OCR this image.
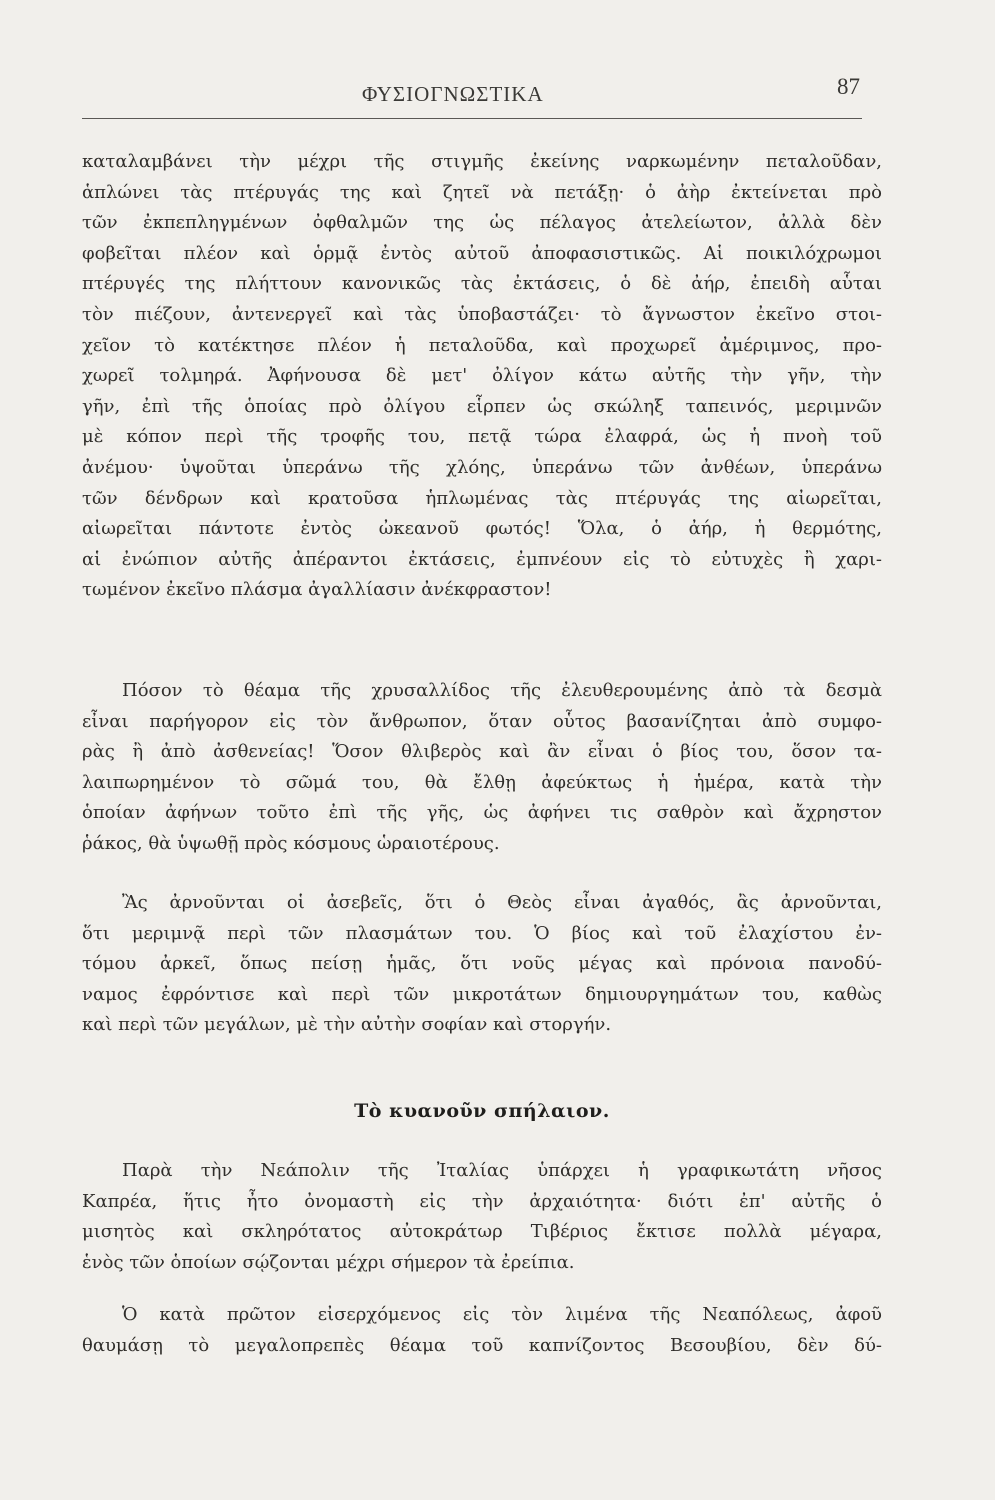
ΦΥΣΙΟΓΝΩΣΤΙΚΑ	87
καταλαμβάνει τὴν μέχρι τῆς στιγμῆς ἐκείνης ναρκωμένην πεταλοῦδαν,
ἁπλώνει τὰς πτέρυγάς της καὶ ζητεῖ νὰ πετάξῃ· ὁ ἀὴρ ἐκτείνεται πρὸ
τῶν ἐκπεπληγμένων ὀφθαλμῶν της ὡς πέλαγος ἀτελείωτον, ἀλλὰ δὲν
φοβεῖται πλέον καὶ ὁρμᾷ ἐντὸς αὐτοῦ ἀποφασιστικῶς. Αἱ ποικιλόχρωμοι
πτέρυγές της πλήττουν κανονικῶς τὰς ἐκτάσεις, ὁ δὲ ἀήρ, ἐπειδὴ αὗται
τὸν πιέζουν, ἀντενεργεῖ καὶ τὰς ὑποβαστάζει· τὸ ἄγνωστον ἐκεῖνο στοι-
χεῖον τὸ κατέκτησε πλέον ἡ πεταλοῦδα, καὶ προχωρεῖ ἀμέριμνος, προ-
χωρεῖ τολμηρά. Ἀφήνουσα δὲ μετ' ὀλίγον κάτω αὐτῆς τὴν γῆν, τὴν
γῆν, ἐπὶ τῆς ὁποίας πρὸ ὀλίγου εἷρπεν ὡς σκώληξ ταπεινός, μεριμνῶν
μὲ κόπον περὶ τῆς τροφῆς του, πετᾷ τώρα ἐλαφρά, ὡς ἡ πνοὴ τοῦ
ἀνέμου· ὑψοῦται ὑπεράνω τῆς χλόης, ὑπεράνω τῶν ἀνθέων, ὑπεράνω
τῶν δένδρων καὶ κρατοῦσα ἡπλωμένας τὰς πτέρυγάς της αἰωρεῖται,
αἰωρεῖται πάντοτε ἐντὸς ὠκεανοῦ φωτός! Ὅλα, ὁ ἀήρ, ἡ θερμότης,
αἱ ἐνώπιον αὐτῆς ἀπέραντοι ἐκτάσεις, ἐμπνέουν εἰς τὸ εὐτυχὲς ἢ χαρι-
τωμένον ἐκεῖνο πλάσμα ἀγαλλίασιν ἀνέκφραστον!
Πόσον τὸ θέαμα τῆς χρυσαλλίδος τῆς ἐλευθερουμένης ἀπὸ τὰ δεσμὰ
εἶναι παρήγορον εἰς τὸν ἄνθρωπον, ὅταν οὗτος βασανίζηται ἀπὸ συμφο-
ρὰς ἢ ἀπὸ ἀσθενείας! Ὅσον θλιβερὸς καὶ ἂν εἶναι ὁ βίος του, ὅσον τα-
λαιπωρημένον τὸ σῶμά του, θὰ ἔλθῃ ἀφεύκτως ἡ ἡμέρα, κατὰ τὴν
ὁποίαν ἀφήνων τοῦτο ἐπὶ τῆς γῆς, ὡς ἀφήνει τις σαθρὸν καὶ ἄχρηστον
ῥάκος, θὰ ὑψωθῇ πρὸς κόσμους ὡραιοτέρους.
Ἂς ἀρνοῦνται οἱ ἀσεβεῖς, ὅτι ὁ Θεὸς εἶναι ἀγαθός, ἂς ἀρνοῦνται,
ὅτι μεριμνᾷ περὶ τῶν πλασμάτων του. Ὁ βίος καὶ τοῦ ἐλαχίστου ἐν-
τόμου ἀρκεῖ, ὅπως πείσῃ ἡμᾶς, ὅτι νοῦς μέγας καὶ πρόνοια πανοδύ-
ναμος ἐφρόντισε καὶ περὶ τῶν μικροτάτων δημιουργημάτων του, καθὼς
καὶ περὶ τῶν μεγάλων, μὲ τὴν αὐτὴν σοφίαν καὶ στοργήν.
Τὸ κυανοῦν σπήλαιον.
Παρὰ τὴν Νεάπολιν τῆς Ἰταλίας ὑπάρχει ἡ γραφικωτάτη νῆσος
Καπρέα, ἥτις ἦτο ὀνομαστὴ εἰς τὴν ἀρχαιότητα· διότι ἐπ' αὐτῆς ὁ
μισητὸς καὶ σκληρότατος αὐτοκράτωρ Τιβέριος ἔκτισε πολλὰ μέγαρα,
ἑνὸς τῶν ὁποίων σῴζονται μέχρι σήμερον τὰ ἐρείπια.
Ὁ κατὰ πρῶτον εἰσερχόμενος εἰς τὸν λιμένα τῆς Νεαπόλεως, ἀφοῦ
θαυμάσῃ τὸ μεγαλοπρεπὲς θέαμα τοῦ καπνίζοντος Βεσουβίου, δὲν δύ-
